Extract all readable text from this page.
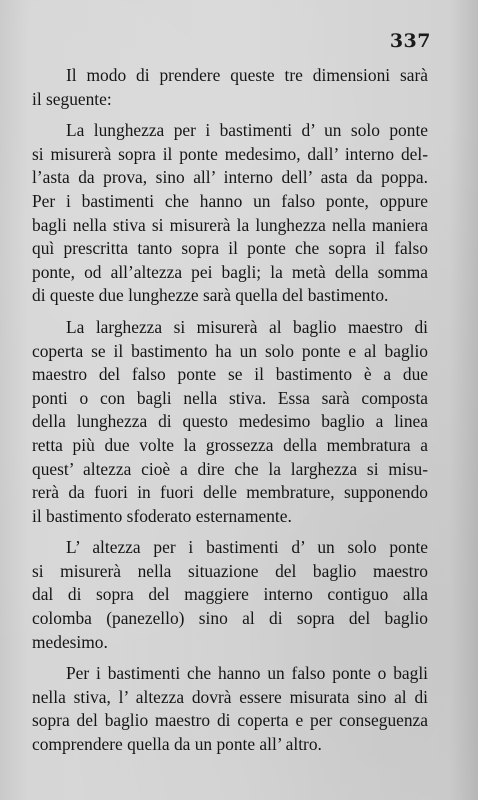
337
Il modo di prendere queste tre dimensioni sarà
il seguente:
La lunghezza per i bastimenti d’ un solo ponte
si misurerà sopra il ponte medesimo, dall’ interno del-
l’asta da prova, sino all’ interno dell’ asta da poppa.
Per i bastimenti che hanno un falso ponte, oppure
bagli nella stiva si misurerà la lunghezza nella maniera
quì prescritta tanto sopra il ponte che sopra il falso
ponte, od all’altezza pei bagli; la metà della somma
di queste due lunghezze sarà quella del bastimento.
La larghezza si misurerà al baglio maestro di
coperta se il bastimento ha un solo ponte e al baglio
maestro del falso ponte se il bastimento è a due
ponti o con bagli nella stiva. Essa sarà composta
della lunghezza di questo medesimo baglio a linea
retta più due volte la grossezza della membratura a
quest’ altezza cioè a dire che la larghezza si misu-
rerà da fuori in fuori delle membrature, supponendo
il bastimento sfoderato esternamente.
L’ altezza per i bastimenti d’ un solo ponte
si misurerà nella situazione del baglio maestro
dal di sopra del maggiere interno contiguo alla
colomba (panezello) sino al di sopra del baglio
medesimo.
Per i bastimenti che hanno un falso ponte o bagli
nella stiva, l’ altezza dovrà essere misurata sino al di
sopra del baglio maestro di coperta e per conseguenza
comprendere quella da un ponte all’ altro.
